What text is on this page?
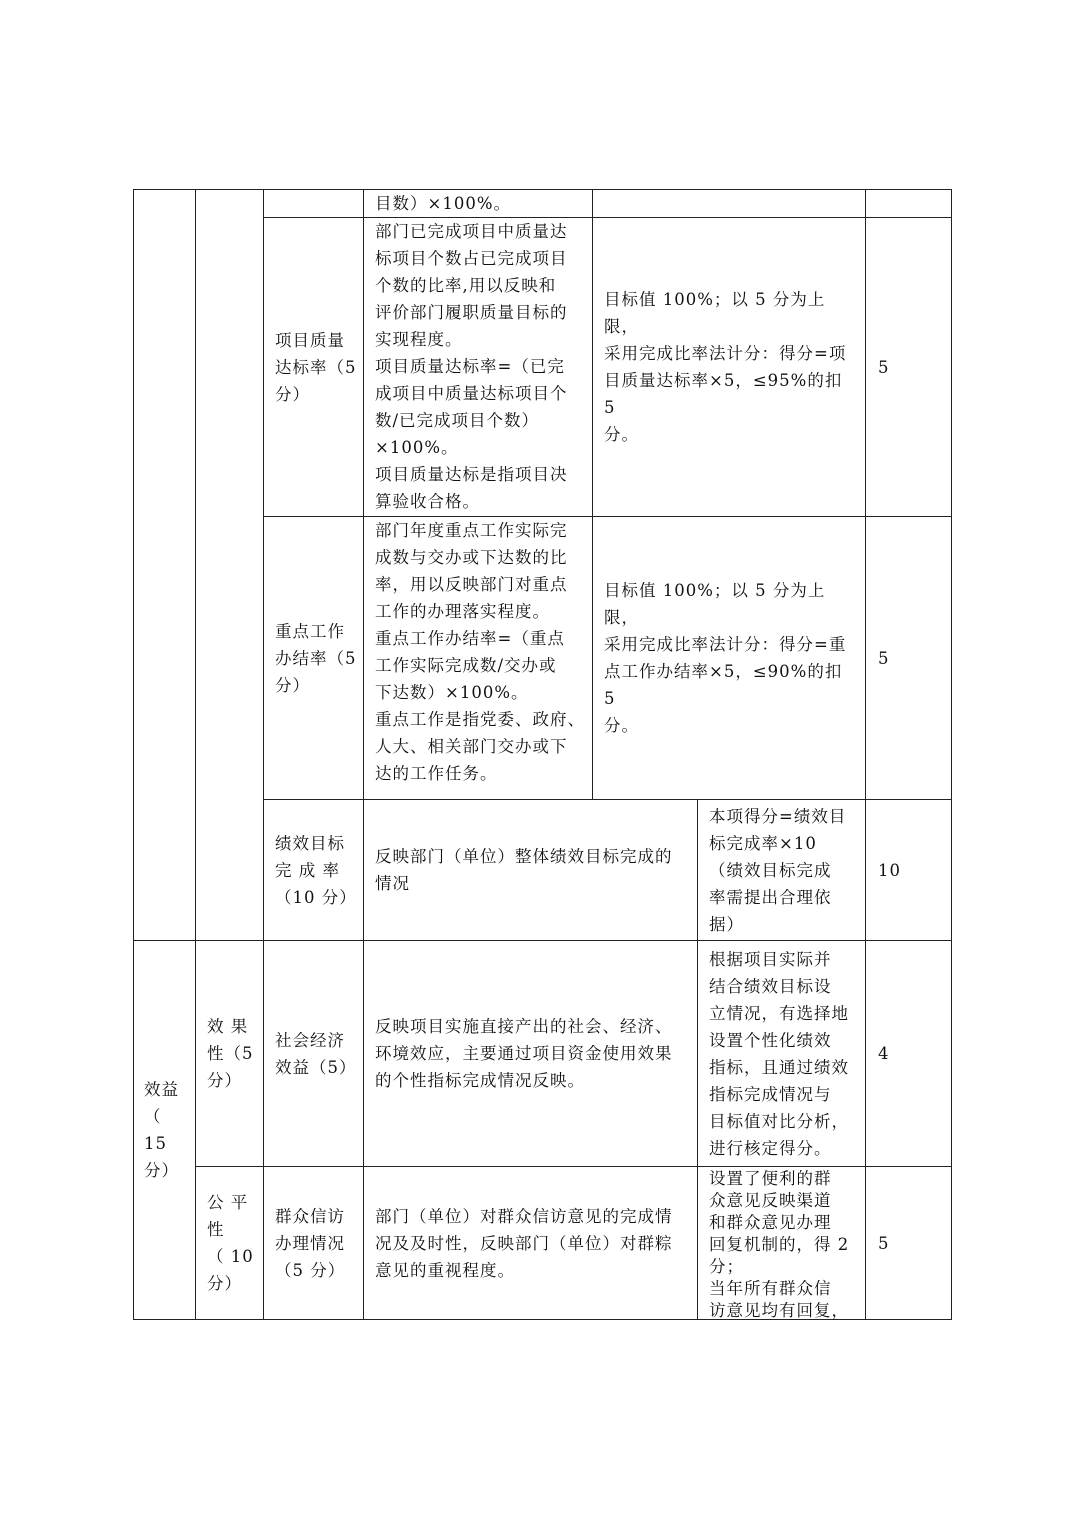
目数）×100%。
项目质量
达标率（5
分）
部门已完成项目中质量达
标项目个数占已完成项目
个数的比率,用以反映和
评价部门履职质量目标的
实现程度。
项目质量达标率=（已完
成项目中质量达标项目个
数/已完成项目个数）
×100%。
项目质量达标是指项目决
算验收合格。
目标值 100%；以 5 分为上限，
采用完成比率法计分：得分=项
目质量达标率×5，≤95%的扣 5
分。
5
重点工作
办结率（5
分）
部门年度重点工作实际完
成数与交办或下达数的比
率，用以反映部门对重点
工作的办理落实程度。
重点工作办结率=（重点
工作实际完成数/交办或
下达数）×100%。
重点工作是指党委、政府、
人大、相关部门交办或下
达的工作任务。
目标值 100%；以 5 分为上限，
采用完成比率法计分：得分=重
点工作办结率×5，≤90%的扣 5
分。
5
绩效目标
完 成 率
（10 分）
反映部门（单位）整体绩效目标完成的
情况
本项得分=绩效目
标完成率×10
（绩效目标完成
率需提出合理依
据）
10
效益
（ 15
分）
效 果
性（5
分）
社会经济
效益（5）
反映项目实施直接产出的社会、经济、
环境效应，主要通过项目资金使用效果
的个性指标完成情况反映。
根据项目实际并
结合绩效目标设
立情况，有选择地
设置个性化绩效
指标，且通过绩效
指标完成情况与
目标值对比分析，
进行核定得分。
4
公 平
性
（ 10
分）
群众信访
办理情况
（5 分）
部门（单位）对群众信访意见的完成情
况及及时性，反映部门（单位）对群粽
意见的重视程度。
设置了便利的群
众意见反映渠道
和群众意见办理
回复机制的，得 2
分；
当年所有群众信
访意见均有回复，
5
